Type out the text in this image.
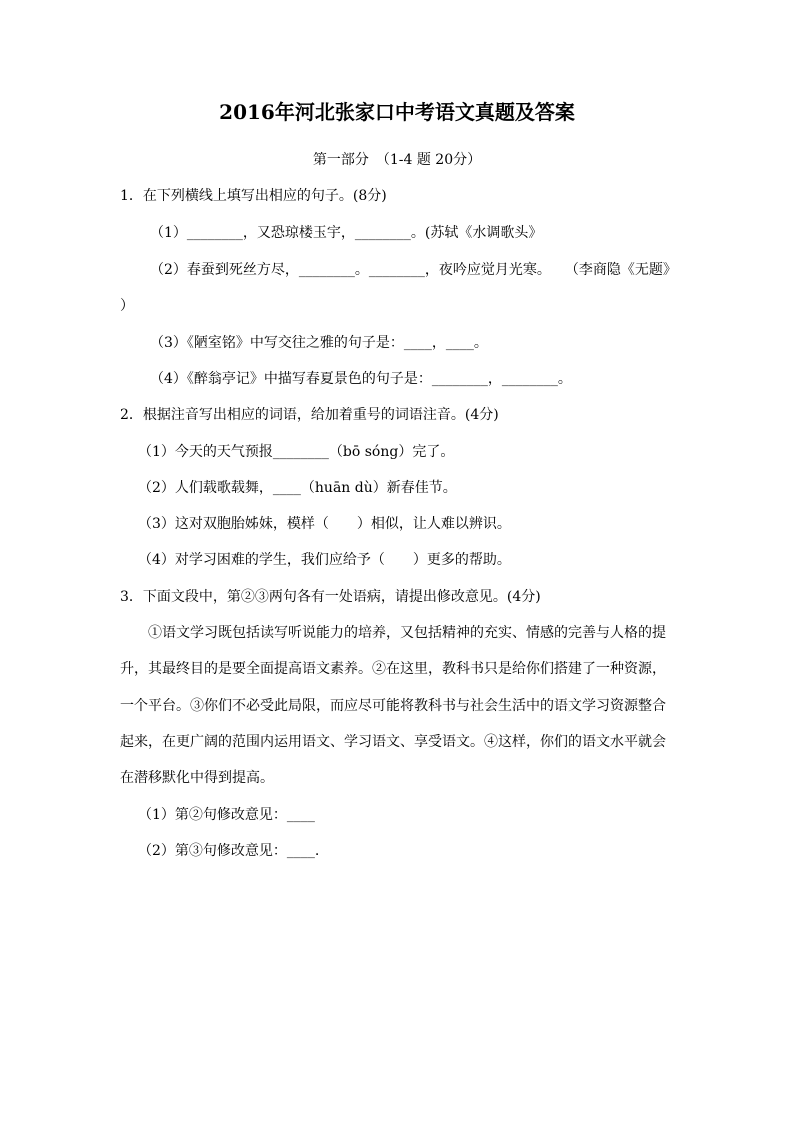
2016年河北张家口中考语文真题及答案
第一部分　（1-4 题 20分）
1．在下列横线上填写出相应的句子。(8分)
（1）________，又恐琼楼玉宇，________。(苏轼《水调歌头》
（2）春蚕到死丝方尽，________。________，夜吟应觉月光寒。　　（李商隐《无题》
）
（3）《陋室铭》中写交往之雅的句子是：____，____。
（4）《醉翁亭记》中描写春夏景色的句子是：________，________。
2．根据注音写出相应的词语，给加着重号的词语注音。(4分)
（1）今天的天气预报________（bō sóng）完了。
（2）人们载歌载舞，____（huān dù）新春佳节。
（3）这对双胞胎姊妹，模样（　　）相似，让人难以辨识。
（4）对学习困难的学生，我们应给予（　　）更多的帮助。
3．下面文段中，第②③两句各有一处语病，请提出修改意见。(4分)
①语文学习既包括读写听说能力的培养，又包括精神的充实、情感的完善与人格的提
升，其最终目的是要全面提高语文素养。②在这里，教科书只是给你们搭建了一种资源，
一个平台。③你们不必受此局限，而应尽可能将教科书与社会生活中的语文学习资源整合
起来，在更广阔的范围内运用语文、学习语文、享受语文。④这样，你们的语文水平就会
在潜移默化中得到提高。
（1）第②句修改意见：____
（2）第③句修改意见：____.
